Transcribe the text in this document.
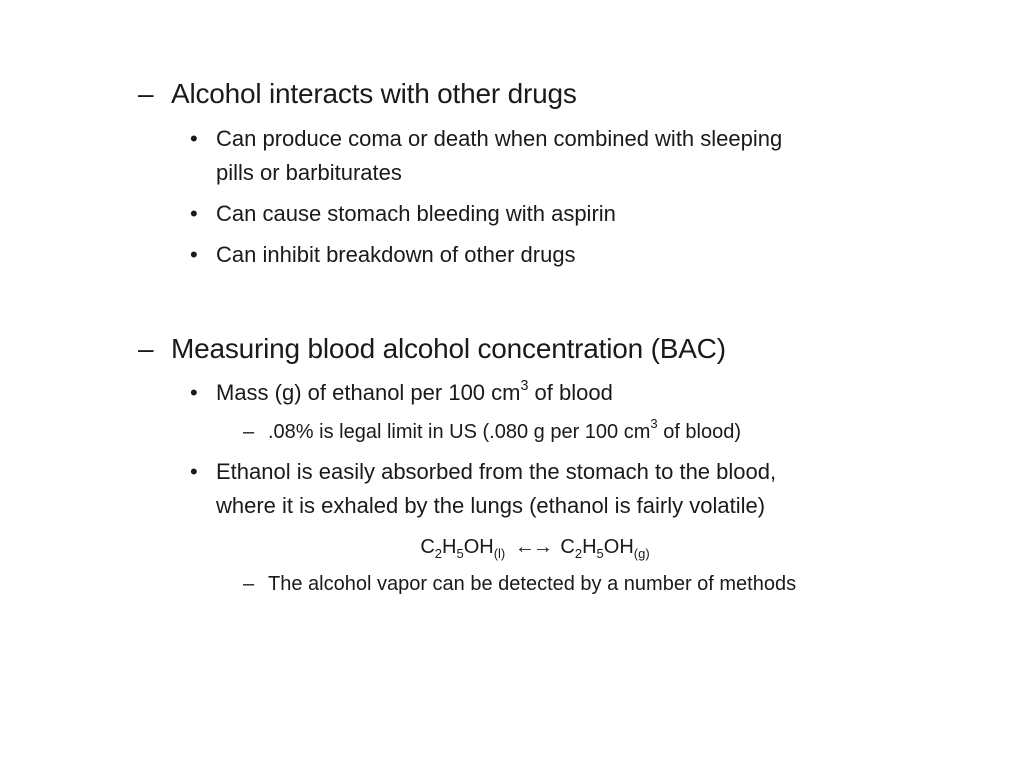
– Alcohol interacts with other drugs
• Can produce coma or death when combined with sleeping
pills or barbiturates
• Can cause stomach bleeding with aspirin
• Can inhibit breakdown of other drugs
– Measuring blood alcohol concentration (BAC)
• Mass (g) of ethanol per 100 $cm^3$ of blood
– .08% is legal limit in US (.080 g per 100 $cm^3$ of blood)
• Ethanol is easily absorbed from the stomach to the blood,
where it is exhaled by the lungs (ethanol is fairly volatile)
$C_2H_5OH_{(l)}$ ←→ $C_2H_5OH_{(g)}$
– The alcohol vapor can be detected by a number of methods
